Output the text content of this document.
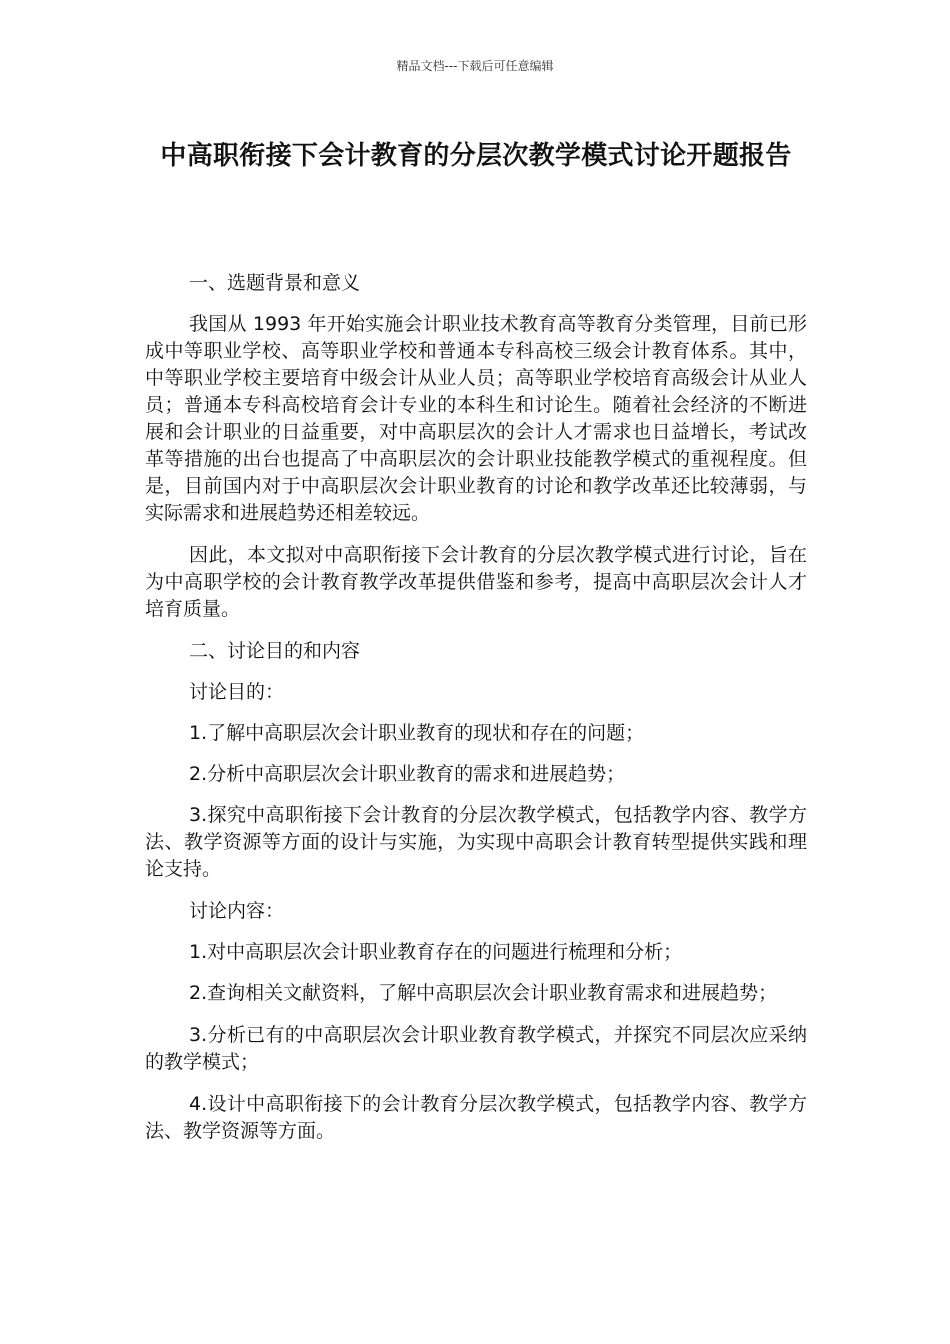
精品文档---下载后可任意编辑
中高职衔接下会计教育的分层次教学模式讨论开题报告

一、选题背景和意义

我国从 1993 年开始实施会计职业技术教育高等教育分类管理，目前已形成中等职业学校、高等职业学校和普通本专科高校三级会计教育体系。其中，中等职业学校主要培育中级会计从业人员；高等职业学校培育高级会计从业人员；普通本专科高校培育会计专业的本科生和讨论生。随着社会经济的不断进展和会计职业的日益重要，对中高职层次的会计人才需求也日益增长，考试改革等措施的出台也提高了中高职层次的会计职业技能教学模式的重视程度。但是，目前国内对于中高职层次会计职业教育的讨论和教学改革还比较薄弱，与实际需求和进展趋势还相差较远。

因此，本文拟对中高职衔接下会计教育的分层次教学模式进行讨论，旨在为中高职学校的会计教育教学改革提供借鉴和参考，提高中高职层次会计人才培育质量。

二、讨论目的和内容

讨论目的：

1.了解中高职层次会计职业教育的现状和存在的问题；

2.分析中高职层次会计职业教育的需求和进展趋势；

3.探究中高职衔接下会计教育的分层次教学模式，包括教学内容、教学方法、教学资源等方面的设计与实施，为实现中高职会计教育转型提供实践和理论支持。

讨论内容：

1.对中高职层次会计职业教育存在的问题进行梳理和分析；

2.查询相关文献资料，了解中高职层次会计职业教育需求和进展趋势；

3.分析已有的中高职层次会计职业教育教学模式，并探究不同层次应采纳的教学模式；

4.设计中高职衔接下的会计教育分层次教学模式，包括教学内容、教学方法、教学资源等方面。
